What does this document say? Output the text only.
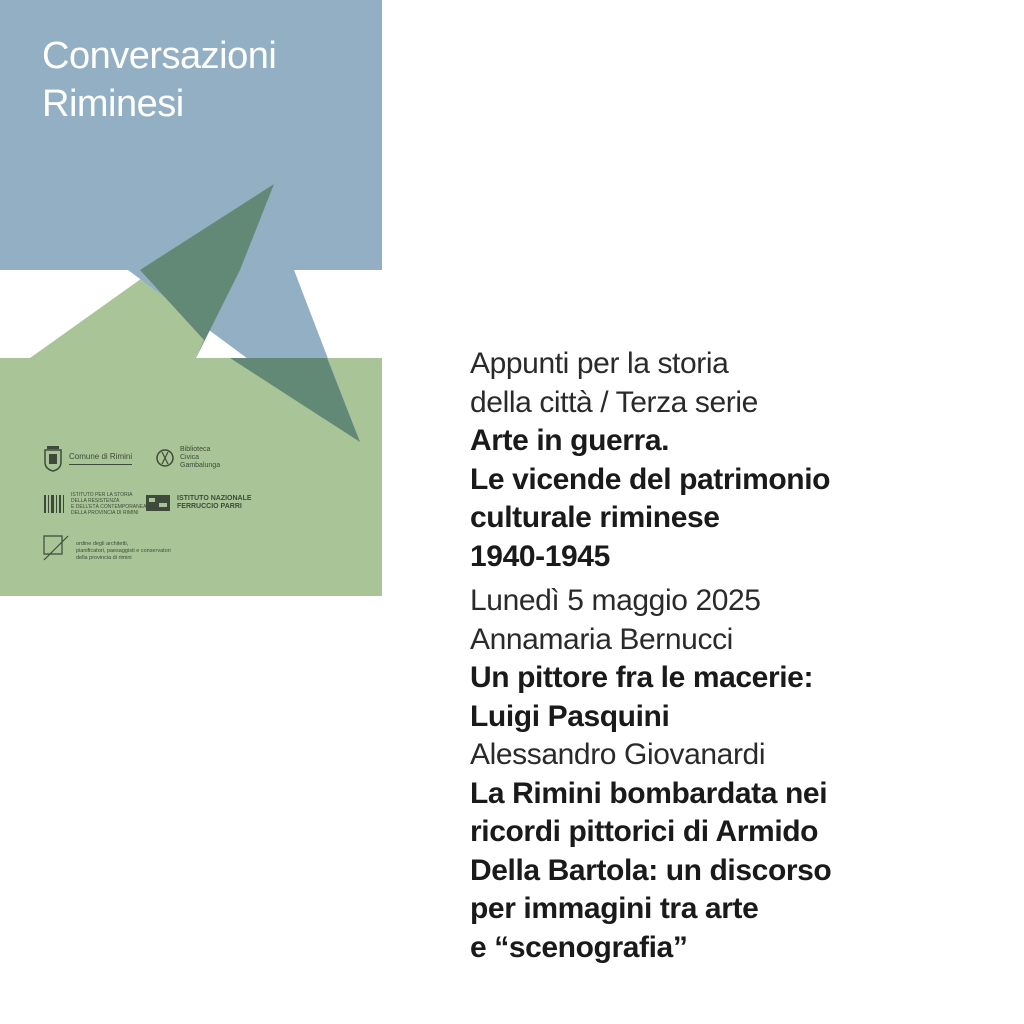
Conversazioni
Riminesi
Comune di Rimini
Biblioteca
Civica
Gambalunga
ISTITUTO PER LA STORIA
DELLA RESISTENZA
E DELL'ETÀ CONTEMPORANEA
DELLA PROVINCIA DI RIMINI
ISTITUTO NAZIONALE
FERRUCCIO PARRI
ordine degli architetti,
pianificatori, paesaggisti e conservatori
della provincia di rimini
Appunti per la storia
della città / Terza serie
Arte in guerra.
Le vicende del patrimonio
culturale riminese
1940-1945
Lunedì 5 maggio 2025
Annamaria Bernucci
Un pittore fra le macerie:
Luigi Pasquini
Alessandro Giovanardi
La Rimini bombardata nei
ricordi pittorici di Armido
Della Bartola: un discorso
per immagini tra arte
e “scenografia”
